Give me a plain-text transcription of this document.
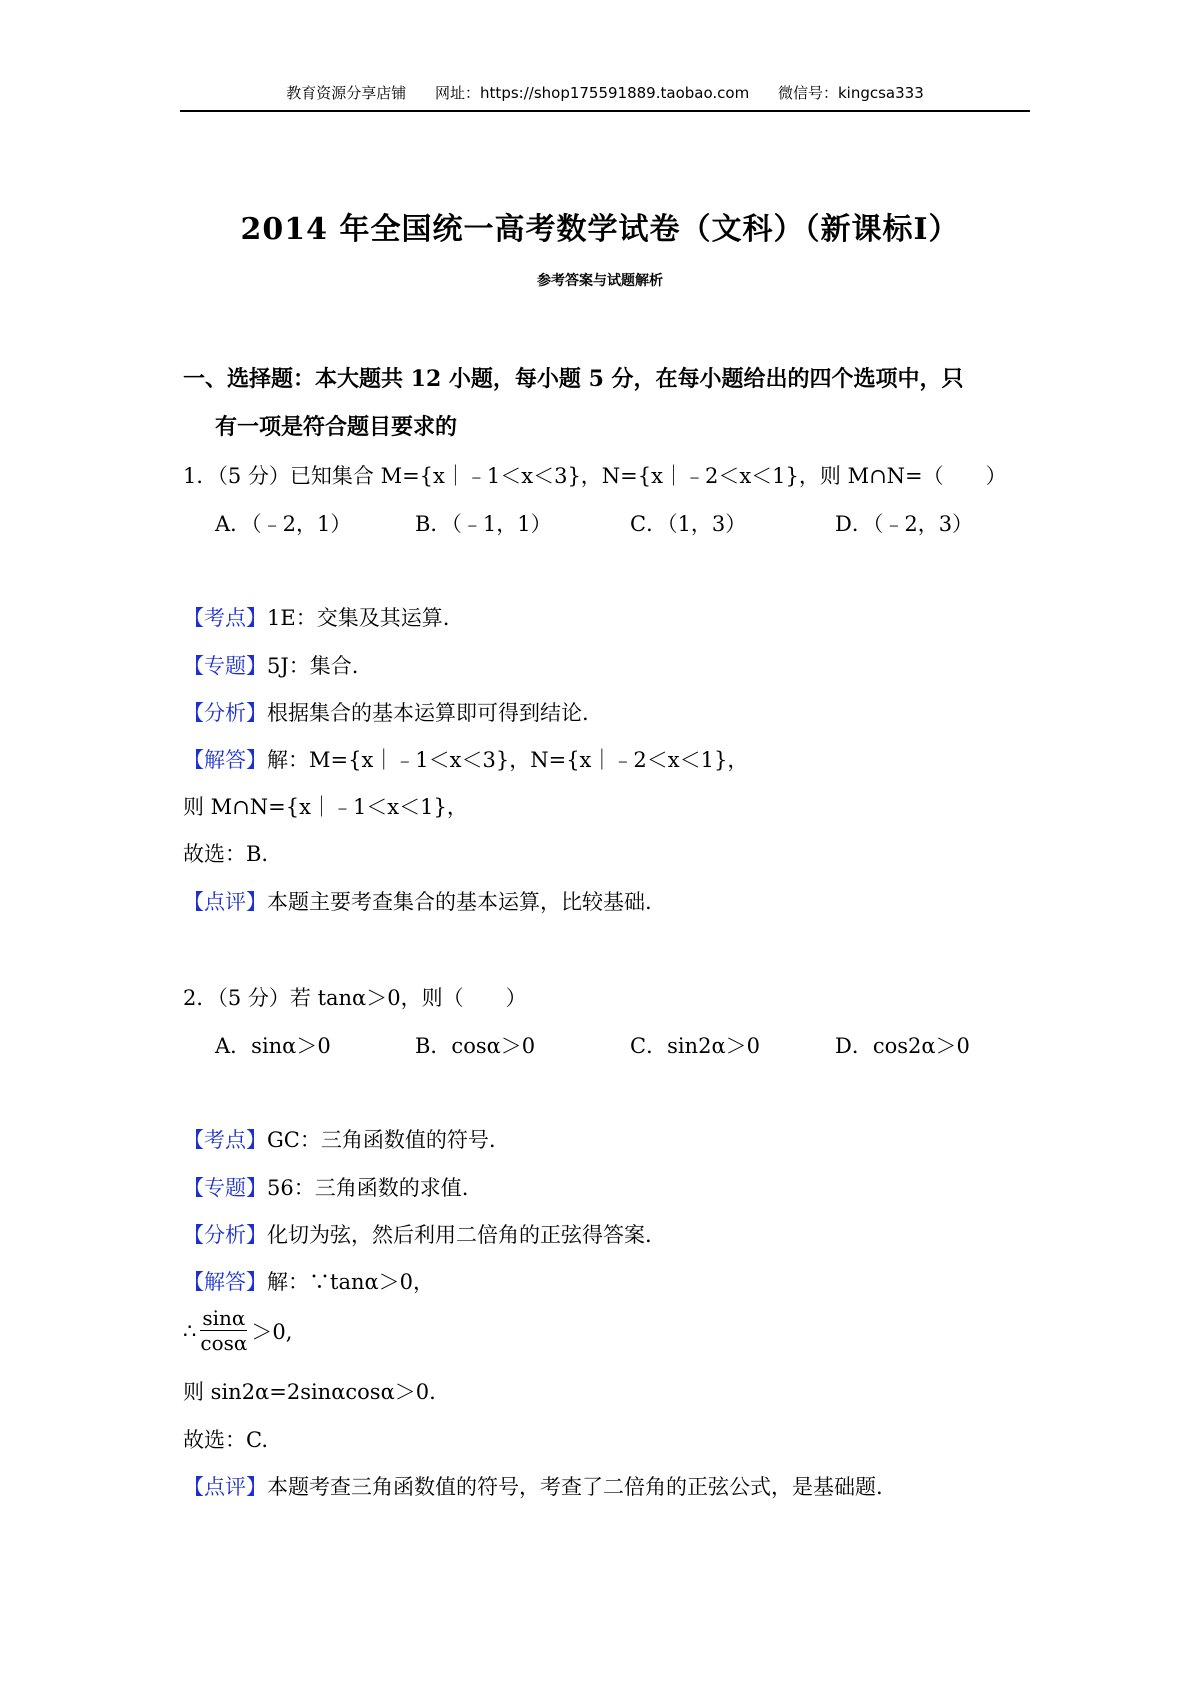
教育资源分享店铺 网址：https://shop175591889.taobao.com 微信号：kingcsa333
2014 年全国统一高考数学试卷（文科）（新课标Ⅰ）
参考答案与试题解析
一、选择题：本大题共 12 小题，每小题 5 分，在每小题给出的四个选项中，只
有一项是符合题目要求的
1．（5 分）已知集合 M={x｜﹣1＜x＜3}，N={x｜﹣2＜x＜1}，则 M∩N=（　　）
A．（﹣2，1）	B．（﹣1，1）	C．（1，3）	D．（﹣2，3）
【考点】1E：交集及其运算.
【专题】5J：集合.
【分析】根据集合的基本运算即可得到结论.
【解答】解：M={x｜﹣1＜x＜3}，N={x｜﹣2＜x＜1}，
则 M∩N={x｜﹣1＜x＜1}，
故选：B.
【点评】本题主要考查集合的基本运算，比较基础.
2．（5 分）若 tanα＞0，则（　　）
A．sinα＞0	B．cosα＞0	C．sin2α＞0	D．cos2α＞0
【考点】GC：三角函数值的符号.
【专题】56：三角函数的求值.
【分析】化切为弦，然后利用二倍角的正弦得答案.
【解答】解：∵tanα＞0，
∴ $\frac{\sin\alpha}{\cos\alpha} >0$,
则 sin2α=2sinαcosα＞0.
故选：C.
【点评】本题考查三角函数值的符号，考查了二倍角的正弦公式，是基础题.
